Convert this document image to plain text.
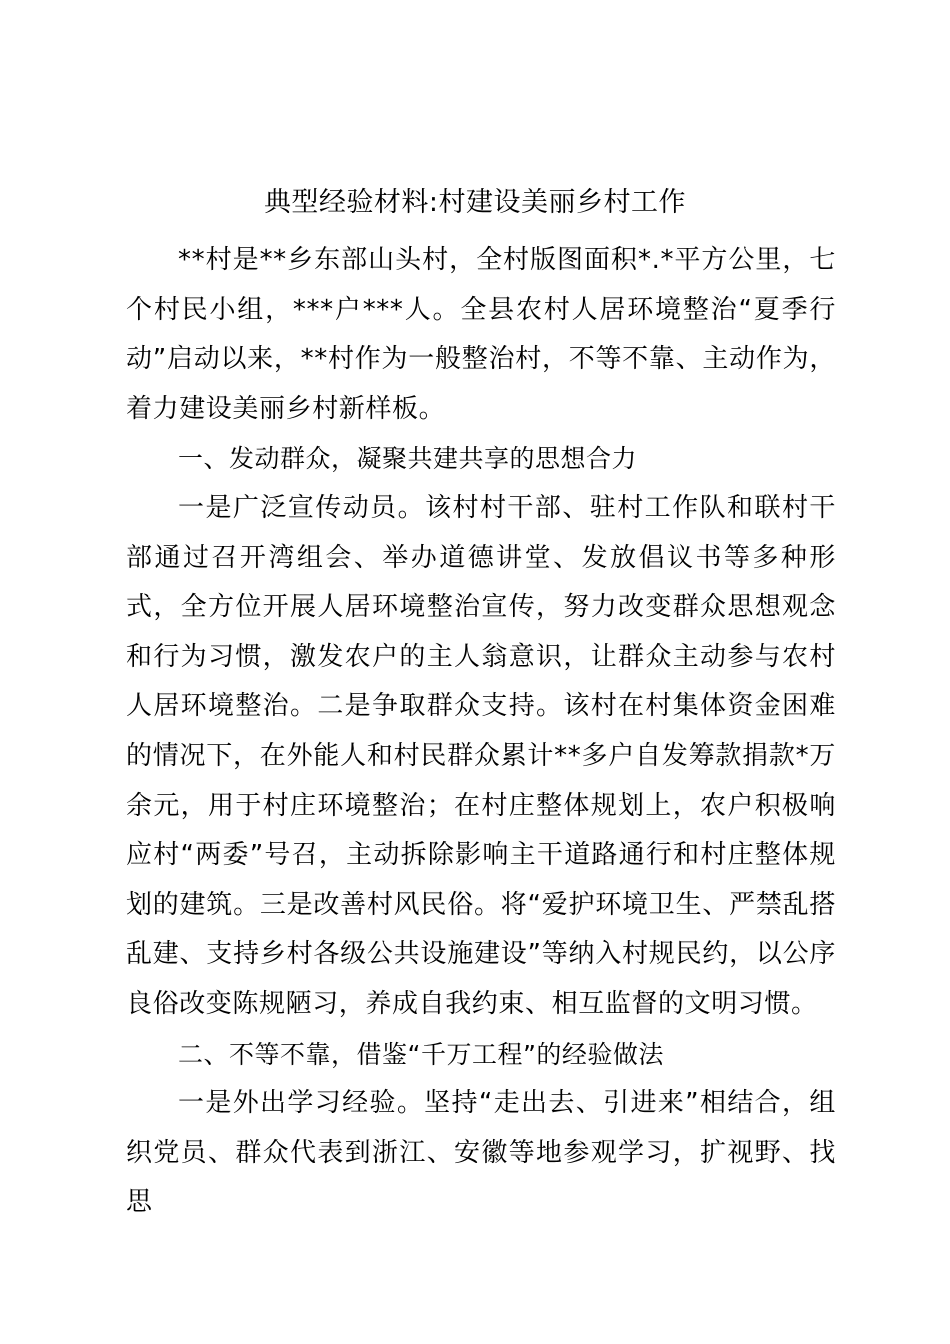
典型经验材料:村建设美丽乡村工作

**村是**乡东部山头村，全村版图面积*.*平方公里，七个村民小组，***户***人。全县农村人居环境整治“夏季行动”启动以来，**村作为一般整治村，不等不靠、主动作为，着力建设美丽乡村新样板。

一、发动群众，凝聚共建共享的思想合力

一是广泛宣传动员。该村村干部、驻村工作队和联村干部通过召开湾组会、举办道德讲堂、发放倡议书等多种形式，全方位开展人居环境整治宣传，努力改变群众思想观念和行为习惯，激发农户的主人翁意识，让群众主动参与农村人居环境整治。二是争取群众支持。该村在村集体资金困难的情况下，在外能人和村民群众累计**多户自发筹款捐款*万余元，用于村庄环境整治；在村庄整体规划上，农户积极响应村“两委”号召，主动拆除影响主干道路通行和村庄整体规划的建筑。三是改善村风民俗。将“爱护环境卫生、严禁乱搭乱建、支持乡村各级公共设施建设”等纳入村规民约，以公序良俗改变陈规陋习，养成自我约束、相互监督的文明习惯。

二、不等不靠，借鉴“千万工程”的经验做法

一是外出学习经验。坚持“走出去、引进来”相结合，组织党员、群众代表到浙江、安徽等地参观学习，扩视野、找思
